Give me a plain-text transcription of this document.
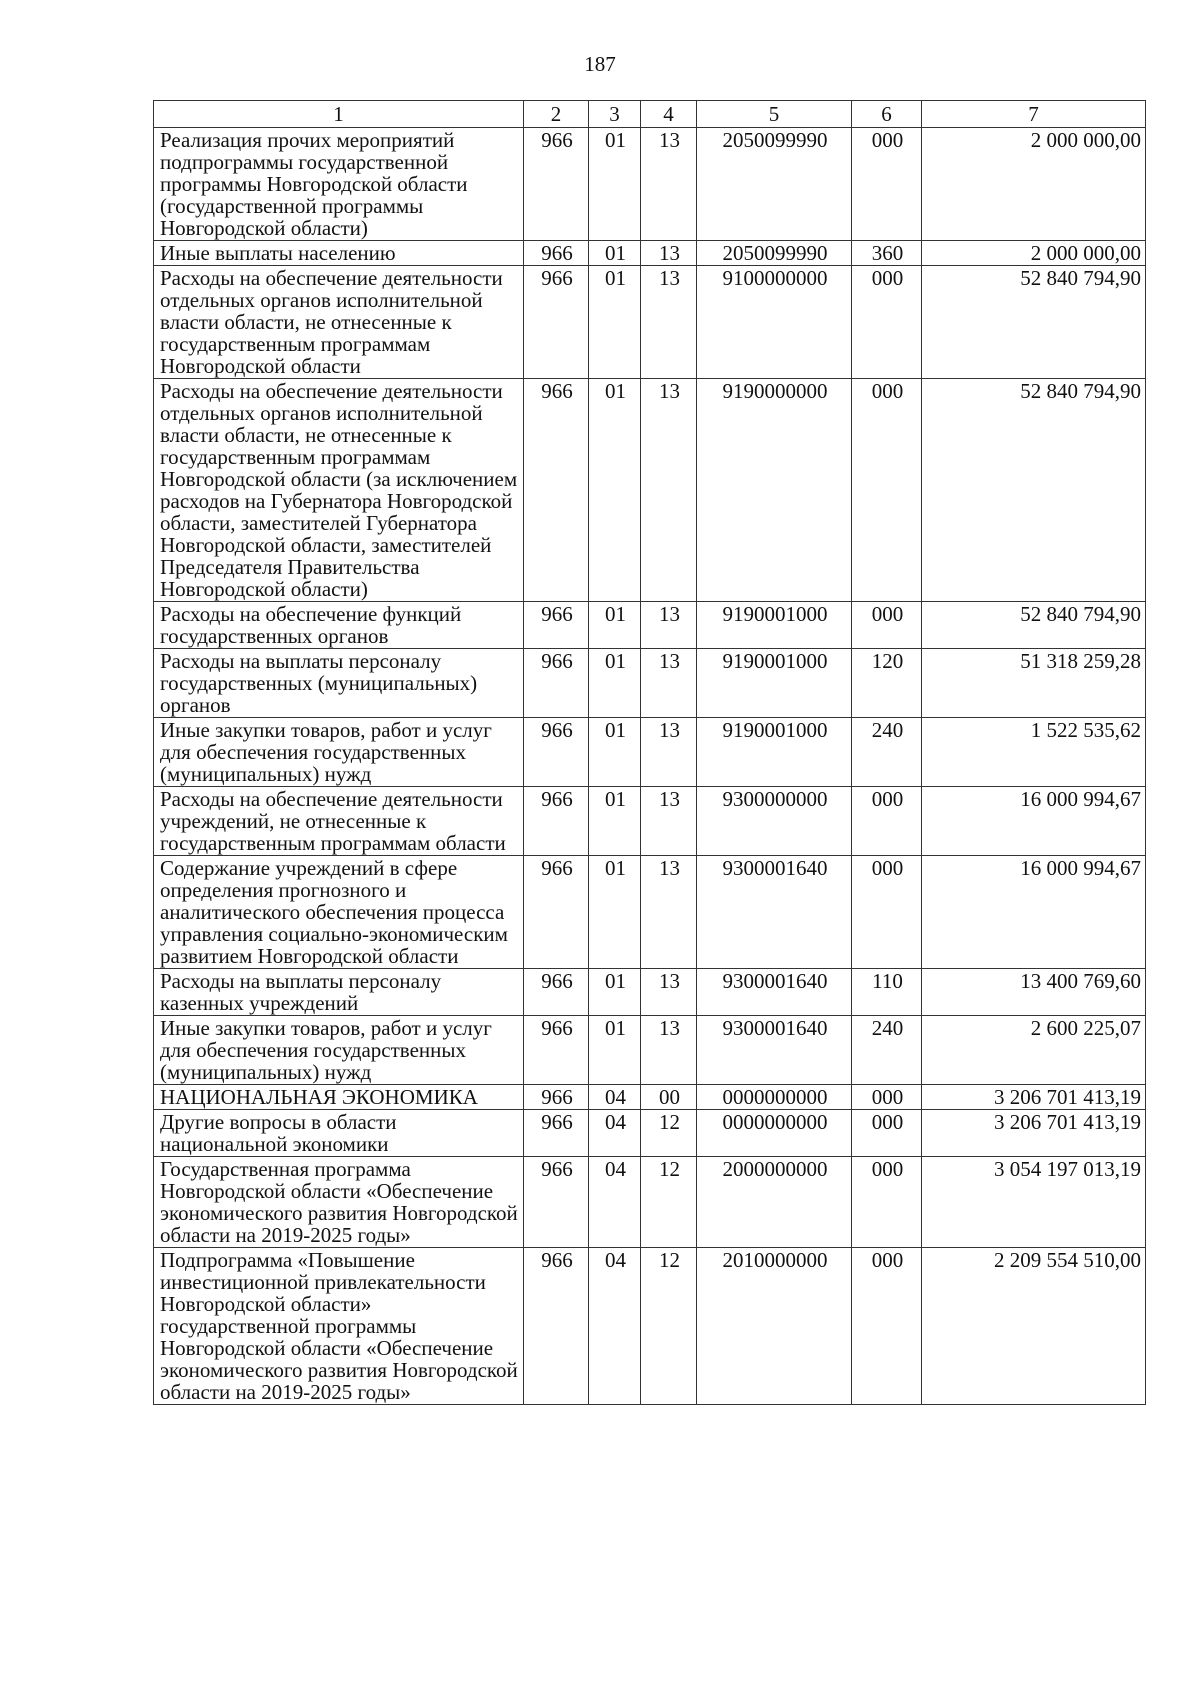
187
1	2	3	4	5	6	7
Реализация прочих мероприятий подпрограммы государственной программы Новгородской области (государственной программы Новгородской области)	966	01	13	2050099990	000	2 000 000,00
Иные выплаты населению	966	01	13	2050099990	360	2 000 000,00
Расходы на обеспечение деятельности отдельных органов исполнительной власти области, не отнесенные к государственным программам Новгородской области	966	01	13	9100000000	000	52 840 794,90
Расходы на обеспечение деятельности отдельных органов исполнительной власти области, не отнесенные к государственным программам Новгородской области (за исключением расходов на Губернатора Новгородской области, заместителей Губернатора Новгородской области, заместителей Председателя Правительства Новгородской области)	966	01	13	9190000000	000	52 840 794,90
Расходы на обеспечение функций государственных органов	966	01	13	9190001000	000	52 840 794,90
Расходы на выплаты персоналу государственных (муниципальных) органов	966	01	13	9190001000	120	51 318 259,28
Иные закупки товаров, работ и услуг для обеспечения государственных (муниципальных) нужд	966	01	13	9190001000	240	1 522 535,62
Расходы на обеспечение деятельности учреждений, не отнесенные к государственным программам области	966	01	13	9300000000	000	16 000 994,67
Содержание учреждений в сфере определения прогнозного и аналитического обеспечения процесса управления социально-экономическим развитием Новгородской области	966	01	13	9300001640	000	16 000 994,67
Расходы на выплаты персоналу казенных учреждений	966	01	13	9300001640	110	13 400 769,60
Иные закупки товаров, работ и услуг для обеспечения государственных (муниципальных) нужд	966	01	13	9300001640	240	2 600 225,07
НАЦИОНАЛЬНАЯ ЭКОНОМИКА	966	04	00	0000000000	000	3 206 701 413,19
Другие вопросы в области национальной экономики	966	04	12	0000000000	000	3 206 701 413,19
Государственная программа Новгородской области «Обеспечение экономического развития Новгородской области на 2019-2025 годы»	966	04	12	2000000000	000	3 054 197 013,19
Подпрограмма «Повышение инвестиционной привлекательности Новгородской области» государственной программы Новгородской области «Обеспечение экономического развития Новгородской области на 2019-2025 годы»	966	04	12	2010000000	000	2 209 554 510,00
